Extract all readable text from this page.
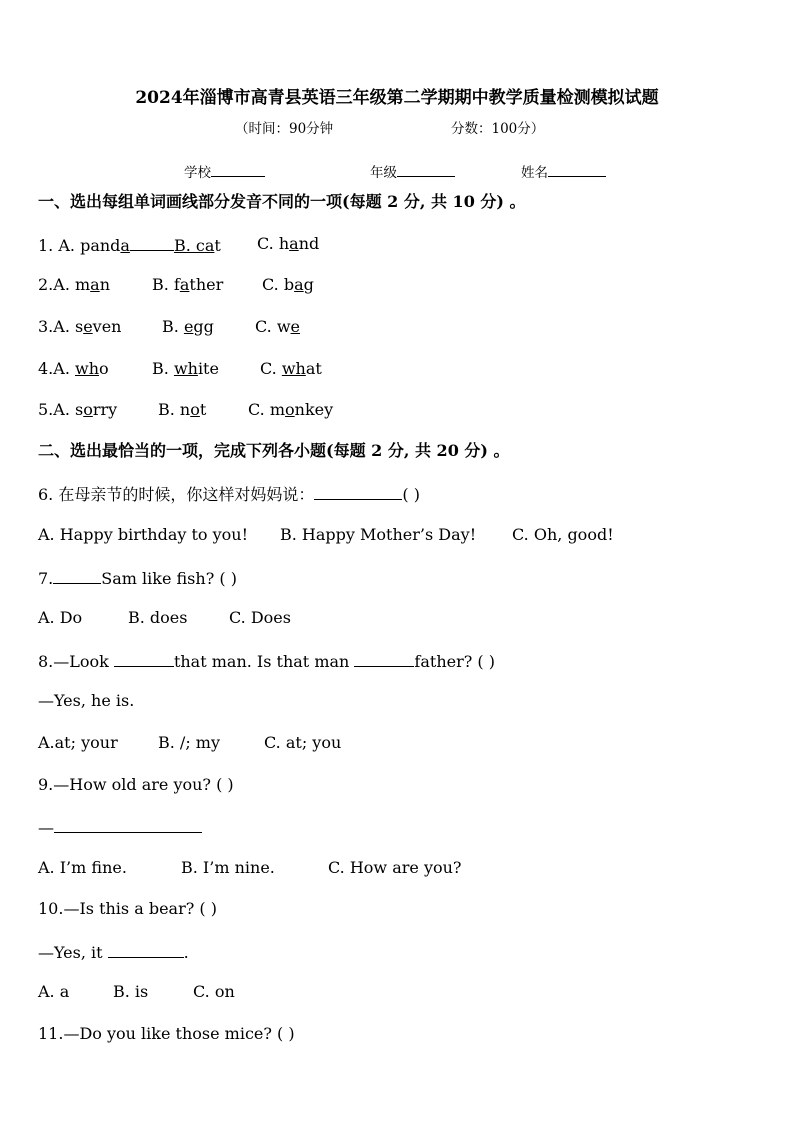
2024年淄博市高青县英语三年级第二学期期中教学质量检测模拟试题
（时间：90分钟	分数：100分）
学校	年级	姓名
一、选出每组单词画线部分发音不同的一项(每题 2 分, 共 10 分) 。
1. A. panda	B. cat C. hand
2.A. man	B. father C. bag
3.A. seven	B. egg	C. we
4.A. who	B. white	C. what
5.A. sorry	B. not	C. monkey
二、选出最恰当的一项，完成下列各小题(每题 2 分, 共 20 分) 。
6. 在母亲节的时候，你这样对妈妈说：	( )
A. Happy birthday to you! B. Happy Mother’s Day! C. Oh, good!
7.	Sam like fish? ( )
A. Do	B. does	C. Does
8.—Look	that man. Is that man	father? ( )
—Yes, he is.
A.at; your	B. /; my	C. at; you
9.—How old are you? ( )
—
A. I’m fine.	B. I’m nine.	C. How are you?
10.—Is this a bear? ( )
—Yes, it	.
A. a	B. is	C. on
11.—Do you like those mice? ( )
